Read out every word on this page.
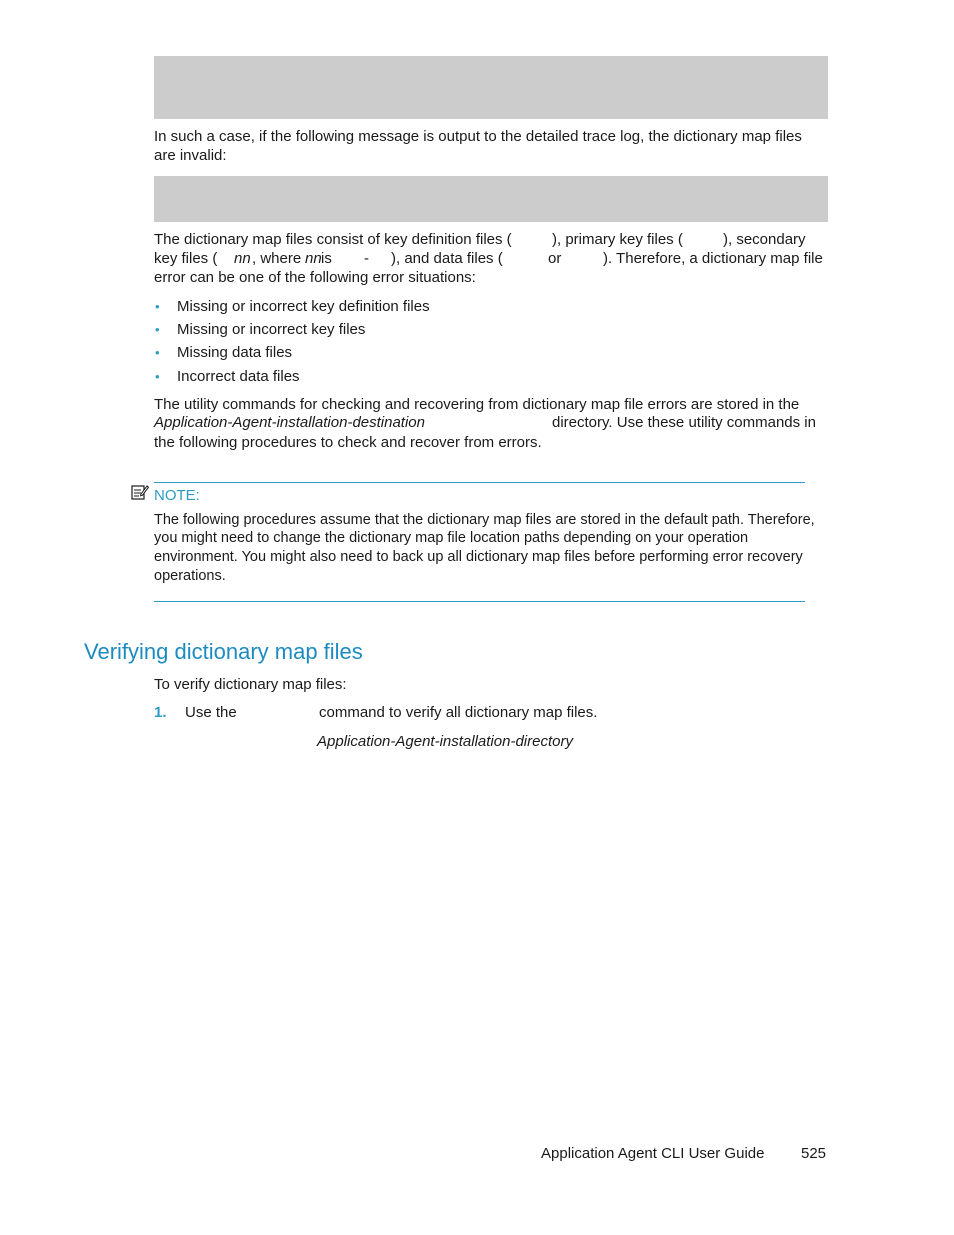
In such a case, if the following message is output to the detailed trace log, the dictionary map files
are invalid:
The dictionary map files consist of key definition files (	), primary key files (	), secondary
key files ( nn , where nn is - ), and data files (	or	). Therefore, a dictionary map file
error can be one of the following error situations:
• Missing or incorrect key definition files
• Missing or incorrect key files
• Missing data files
• Incorrect data files
The utility commands for checking and recovering from dictionary map file errors are stored in the
Application-Agent-installation-destination	directory. Use these utility commands in
the following procedures to check and recover from errors.
NOTE:
The following procedures assume that the dictionary map files are stored in the default path. Therefore,
you might need to change the dictionary map file location paths depending on your operation
environment. You might also need to back up all dictionary map files before performing error recovery
operations.
Verifying dictionary map files
To verify dictionary map files:
1. Use the	command to verify all dictionary map files.
Application-Agent-installation-directory
Application Agent CLI User Guide 525
